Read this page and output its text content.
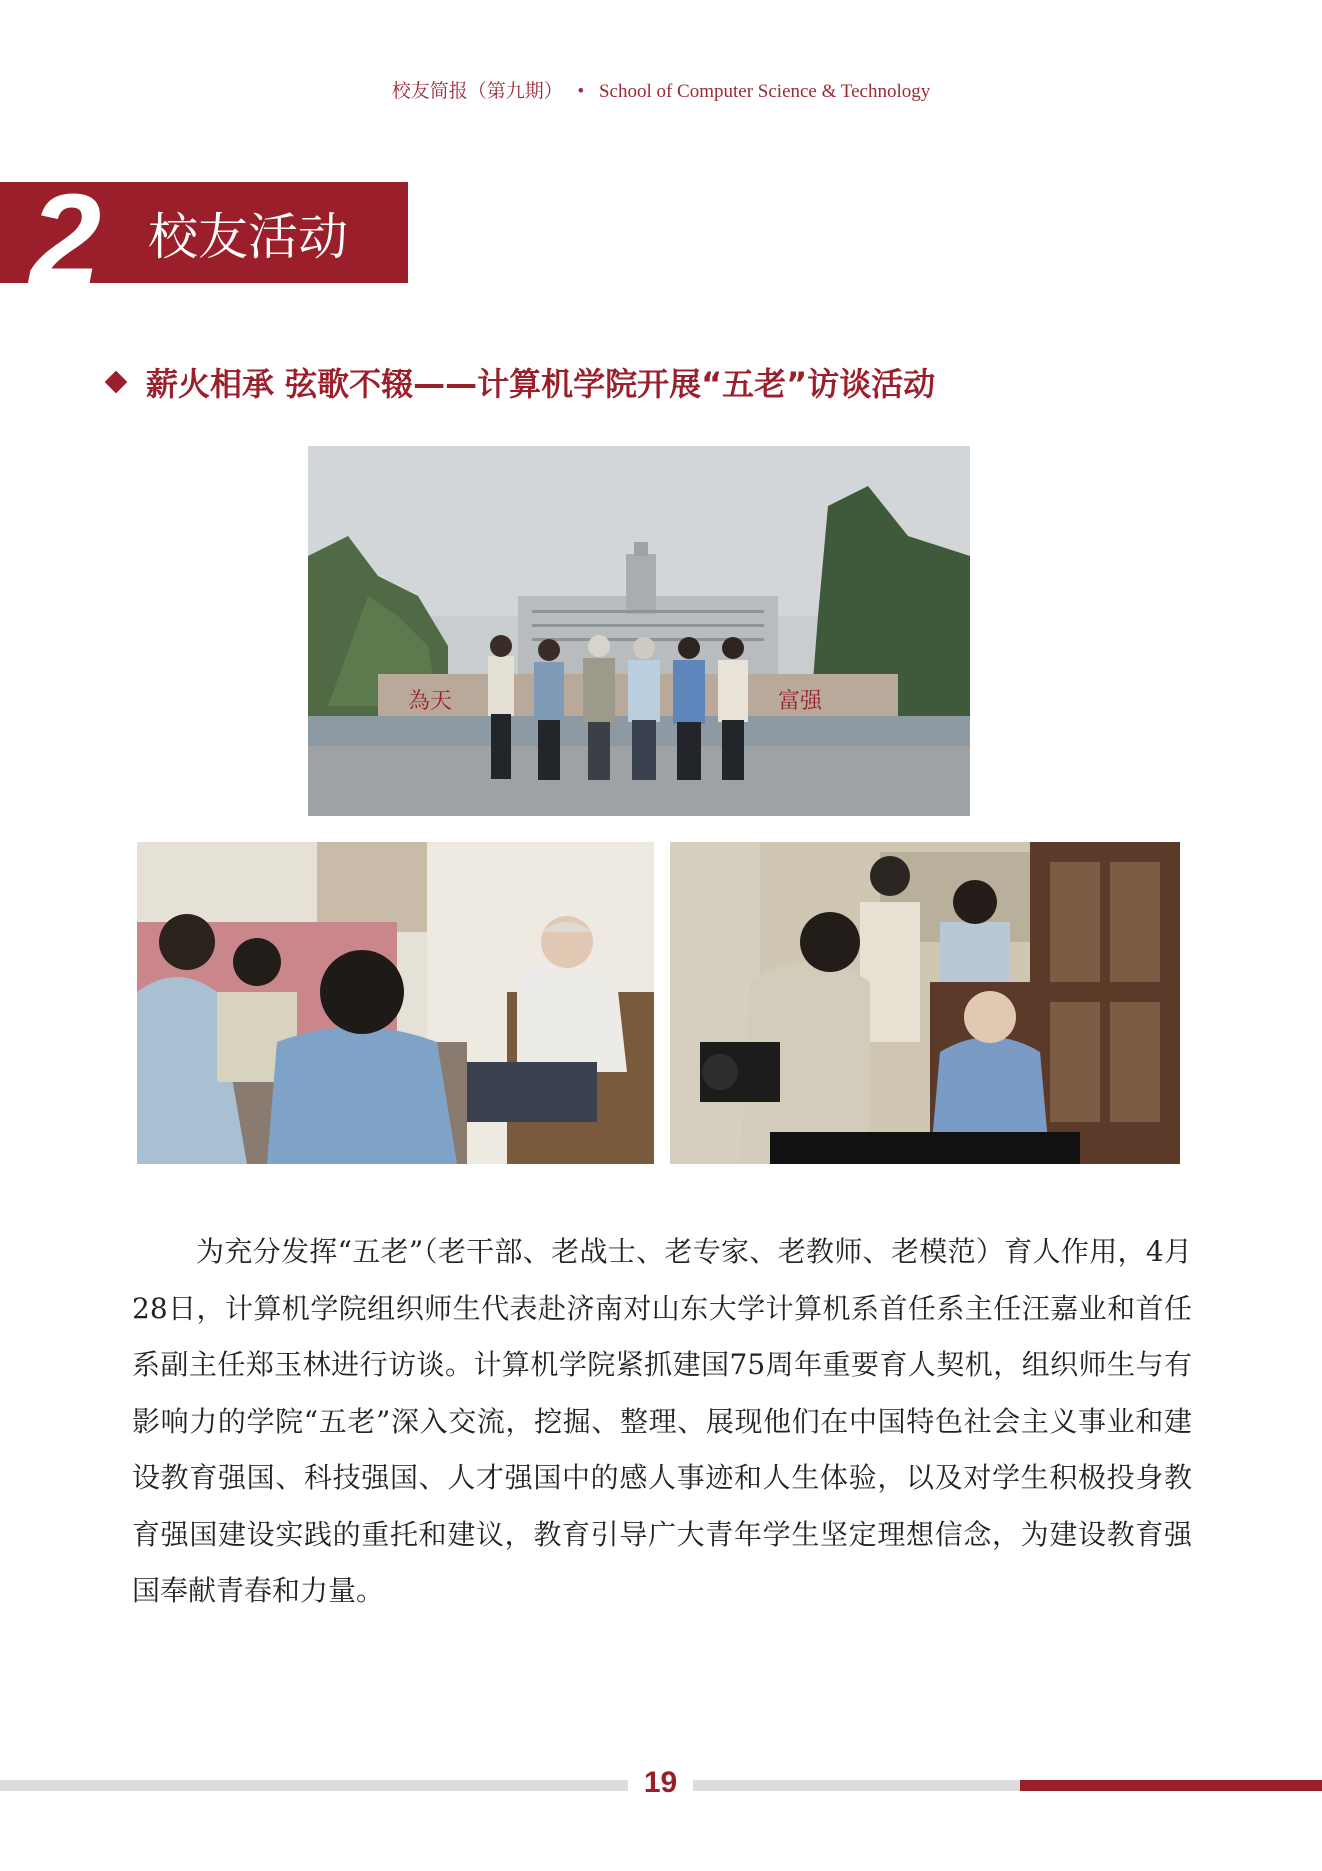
校友简报（第九期） • School of Computer Science & Technology
2 校友活动
薪火相承 弦歌不辍——计算机学院开展“五老”访谈活动
為天	富强

为充分发挥“五老”（老干部、老战士、老专家、老教师、老模范）育人作用，4月28日，计算机学院组织师生代表赴济南对山东大学计算机系首任系主任汪嘉业和首任系副主任郑玉林进行访谈。计算机学院紧抓建国75周年重要育人契机，组织师生与有影响力的学院“五老”深入交流，挖掘、整理、展现他们在中国特色社会主义事业和建设教育强国、科技强国、人才强国中的感人事迹和人生体验，以及对学生积极投身教育强国建设实践的重托和建议，教育引导广大青年学生坚定理想信念，为建设教育强国奉献青春和力量。

19
